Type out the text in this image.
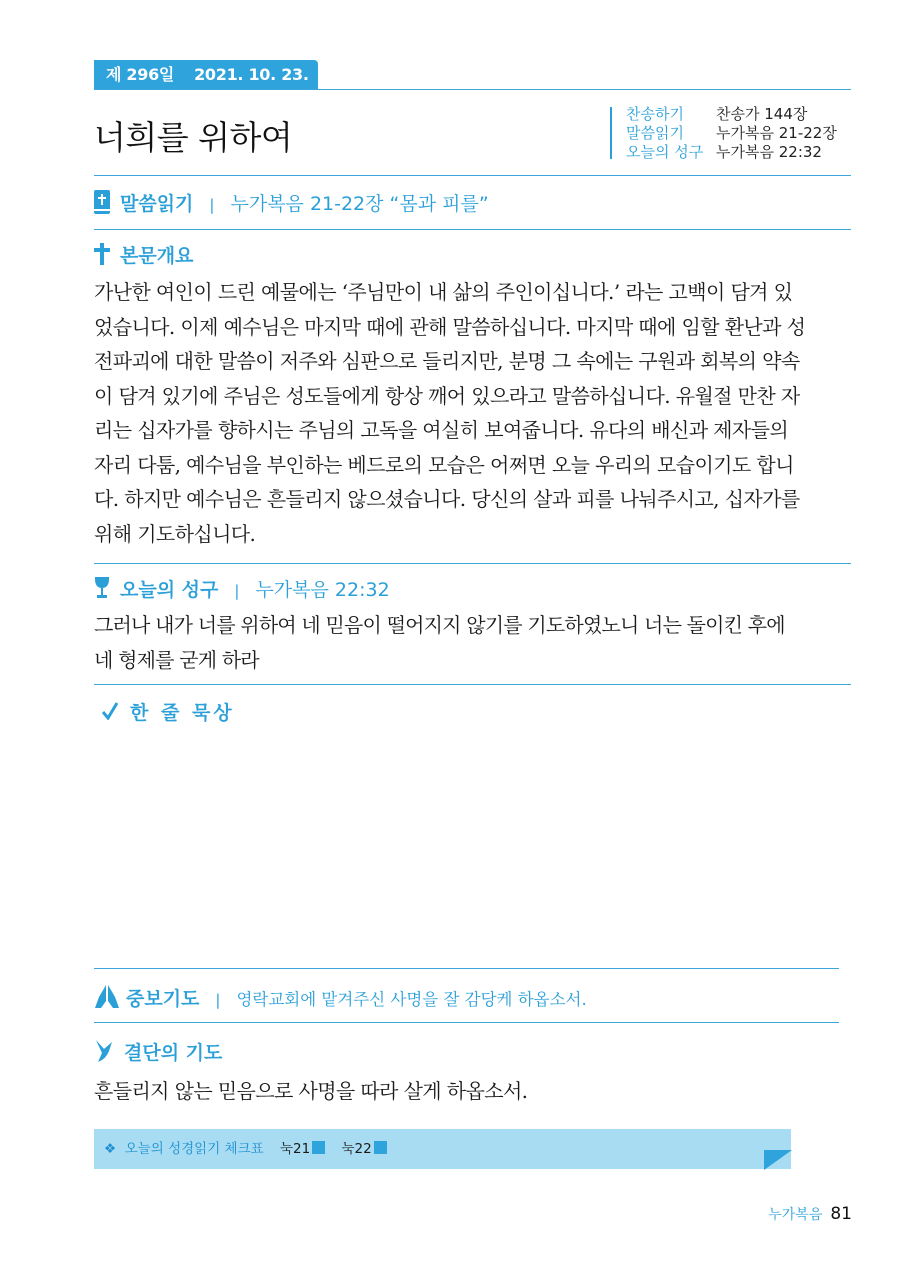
제 296일 2021. 10. 23. 토
너희를 위하여
찬송하기 찬송가 144장
말씀읽기 누가복음 21-22장
오늘의 성구 누가복음 22:32
말씀읽기 | 누가복음 21-22장 “몸과 피를”
본문개요
가난한 여인이 드린 예물에는 ‘주님만이 내 삶의 주인이십니다.’ 라는 고백이 담겨 있
었습니다. 이제 예수님은 마지막 때에 관해 말씀하십니다. 마지막 때에 임할 환난과 성
전파괴에 대한 말씀이 저주와 심판으로 들리지만, 분명 그 속에는 구원과 회복의 약속
이 담겨 있기에 주님은 성도들에게 항상 깨어 있으라고 말씀하십니다. 유월절 만찬 자
리는 십자가를 향하시는 주님의 고독을 여실히 보여줍니다. 유다의 배신과 제자들의
자리 다툼, 예수님을 부인하는 베드로의 모습은 어쩌면 오늘 우리의 모습이기도 합니
다. 하지만 예수님은 흔들리지 않으셨습니다. 당신의 살과 피를 나눠주시고, 십자가를
위해 기도하십니다.
오늘의 성구 | 누가복음 22:32
그러나 내가 너를 위하여 네 믿음이 떨어지지 않기를 기도하였노니 너는 돌이킨 후에
네 형제를 굳게 하라
한 줄 묵상
중보기도 | 영락교회에 맡겨주신 사명을 잘 감당케 하옵소서.
결단의 기도
흔들리지 않는 믿음으로 사명을 따라 살게 하옵소서.
❖  오늘의 성경읽기 체크표 눅21 눅22
누가복음 81
